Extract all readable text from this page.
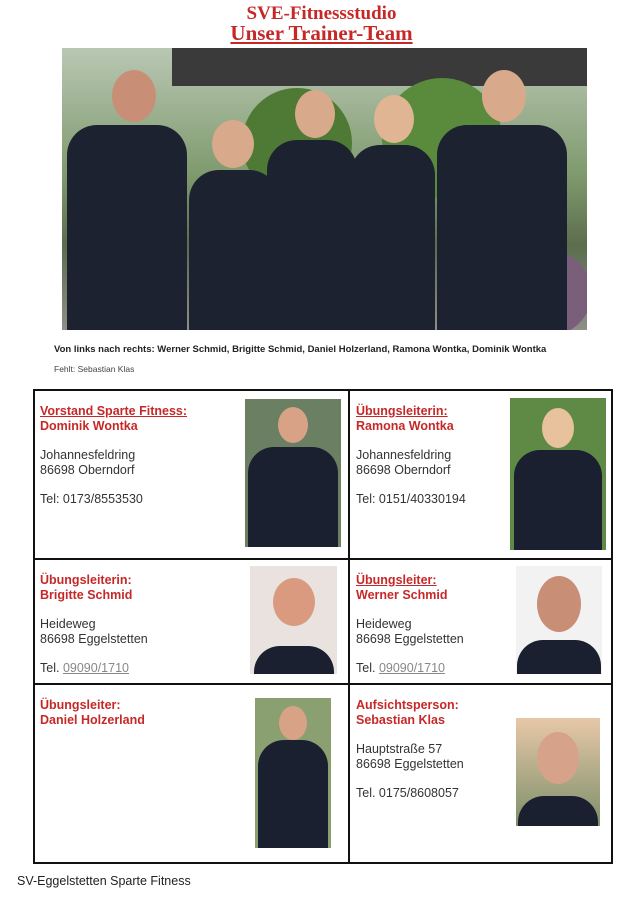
SVE-Fitnessstudio
Unser Trainer-Team
Von links nach rechts: Werner Schmid, Brigitte Schmid, Daniel Holzerland, Ramona Wontka, Dominik Wontka
Fehlt: Sebastian Klas
Vorstand Sparte Fitness:
Dominik Wontka
Johannesfeldring
86698 Oberndorf
Tel: 0173/8553530
Übungsleiterin:
Ramona Wontka
Johannesfeldring
86698 Oberndorf
Tel: 0151/40330194
Übungsleiterin:
Brigitte Schmid
Heideweg
86698 Eggelstetten
Tel. 09090/1710
Übungsleiter:
Werner Schmid
Heideweg
86698 Eggelstetten
Tel. 09090/1710
Übungsleiter:
Daniel Holzerland
Aufsichtsperson:
Sebastian Klas
Hauptstraße 57
86698 Eggelstetten
Tel. 0175/8608057
SV-Eggelstetten Sparte Fitness
